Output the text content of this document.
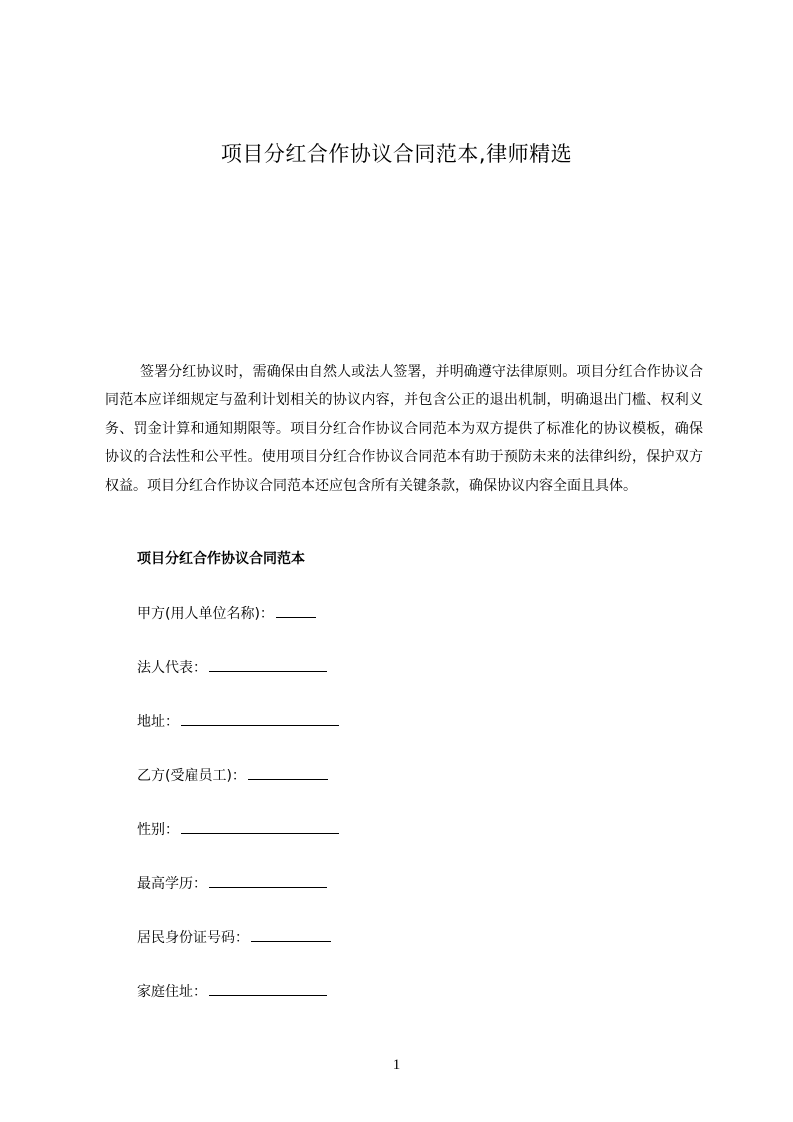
项目分红合作协议合同范本,律师精选

签署分红协议时，需确保由自然人或法人签署，并明确遵守法律原则。项目分红合作协议合同范本应详细规定与盈利计划相关的协议内容，并包含公正的退出机制，明确退出门槛、权利义务、罚金计算和通知期限等。项目分红合作协议合同范本为双方提供了标准化的协议模板，确保协议的合法性和公平性。使用项目分红合作协议合同范本有助于预防未来的法律纠纷，保护双方权益。项目分红合作协议合同范本还应包含所有关键条款，确保协议内容全面且具体。

项目分红合作协议合同范本
甲方(用人单位名称)：
法人代表：
地址：
乙方(受雇员工)：
性别：
最高学历：
居民身份证号码：
家庭住址：
1
